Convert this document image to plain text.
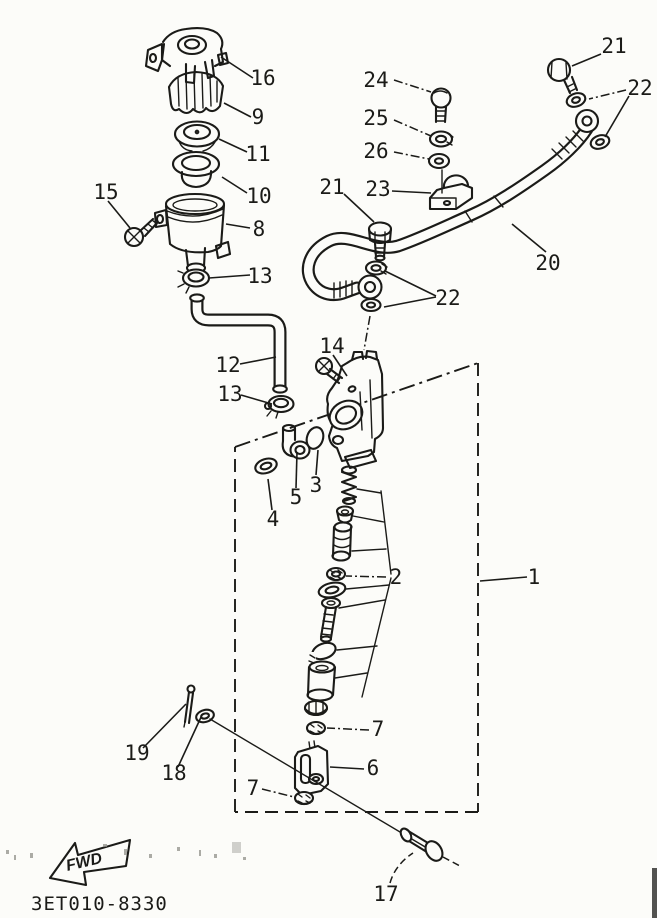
16
9
11
10
15
8
13
12
14
13
21 23
24
25
26
21
22
20
22
3
5
4
2	1
7
6
7
19
18
17
FWD
3ET010-8330
